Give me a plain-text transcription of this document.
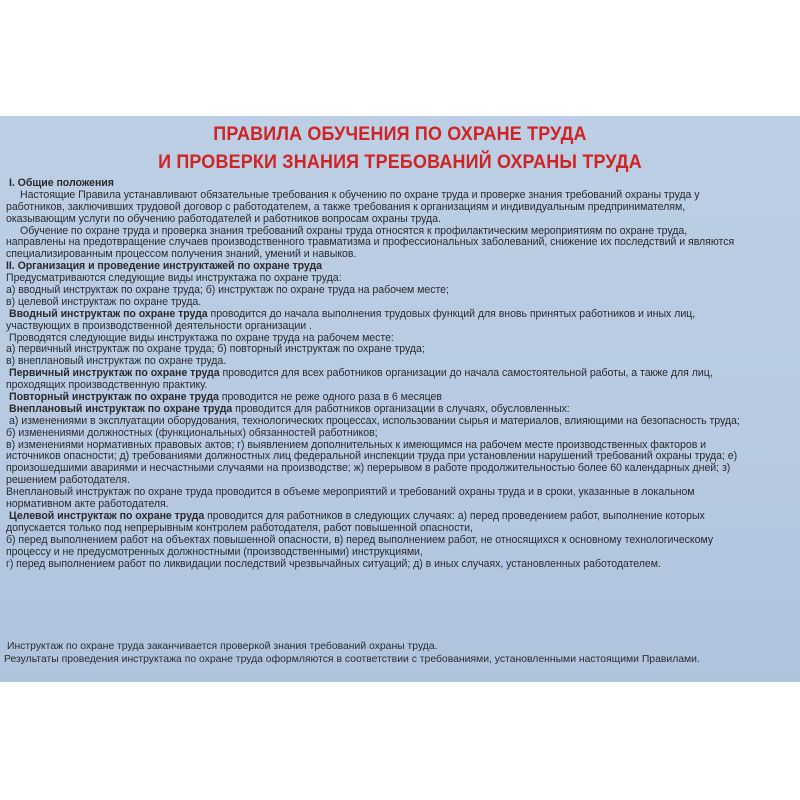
ПРАВИЛА ОБУЧЕНИЯ ПО ОХРАНЕ ТРУДА
И ПРОВЕРКИ ЗНАНИЯ ТРЕБОВАНИЙ ОХРАНЫ ТРУДА
I. Общие положения
Настоящие Правила устанавливают обязательные требования к обучению по охране труда и проверке знания требований охраны труда у
работников, заключивших трудовой договор с работодателем, а также требования к организациям и индивидуальным предпринимателям,
оказывающим услуги по обучению работодателей и работников вопросам охраны труда.
Обучение по охране труда и проверка знания требований охраны труда относятся к профилактическим мероприятиям по охране труда,
направлены на предотвращение случаев производственного травматизма и профессиональных заболеваний, снижение их последствий и являются
специализированным процессом получения знаний, умений и навыков.
II. Организация и проведение инструктажей по охране труда
Предусматриваются следующие виды инструктажа по охране труда:
а) вводный инструктаж по охране труда; б) инструктаж по охране труда на рабочем месте;
в) целевой инструктаж по охране труда.
Вводный инструктаж по охране труда проводится до начала выполнения трудовых функций для вновь принятых работников и иных лиц,
участвующих в производственной деятельности организации .
Проводятся следующие виды инструктажа по охране труда на рабочем месте:
а) первичный инструктаж по охране труда; б) повторный инструктаж по охране труда;
в) внеплановый инструктаж по охране труда.
Первичный инструктаж по охране труда проводится для всех работников организации до начала самостоятельной работы, а также для лиц,
проходящих производственную практику.
Повторный инструктаж по охране труда проводится не реже одного раза в 6 месяцев
Внеплановый инструктаж по охране труда проводится для работников организации в случаях, обусловленных:
а) изменениями в эксплуатации оборудования, технологических процессах, использовании сырья и материалов, влияющими на безопасность труда;
б) изменениями должностных (функциональных) обязанностей работников;
в) изменениями нормативных правовых актов; г) выявлением дополнительных к имеющимся на рабочем месте производственных факторов и
источников опасности; д) требованиями должностных лиц федеральной инспекции труда при установлении нарушений требований охраны труда; е)
произошедшими авариями и несчастными случаями на производстве; ж) перерывом в работе продолжительностью более 60 календарных дней; з)
решением работодателя.
Внеплановый инструктаж по охране труда проводится в объеме мероприятий и требований охраны труда и в сроки, указанные в локальном
нормативном акте работодателя.
Целевой инструктаж по охране труда проводится для работников в следующих случаях: а) перед проведением работ, выполнение которых
допускается только под непрерывным контролем работодателя, работ повышенной опасности,
б) перед выполнением работ на объектах повышенной опасности, в) перед выполнением работ, не относящихся к основному технологическому
процессу и не предусмотренных должностными (производственными) инструкциями,
г) перед выполнением работ по ликвидации последствий чрезвычайных ситуаций; д) в иных случаях, установленных работодателем.
Инструктаж по охране труда заканчивается проверкой знания требований охраны труда.
Результаты проведения инструктажа по охране труда оформляются в соответствии с требованиями, установленными настоящими Правилами.
